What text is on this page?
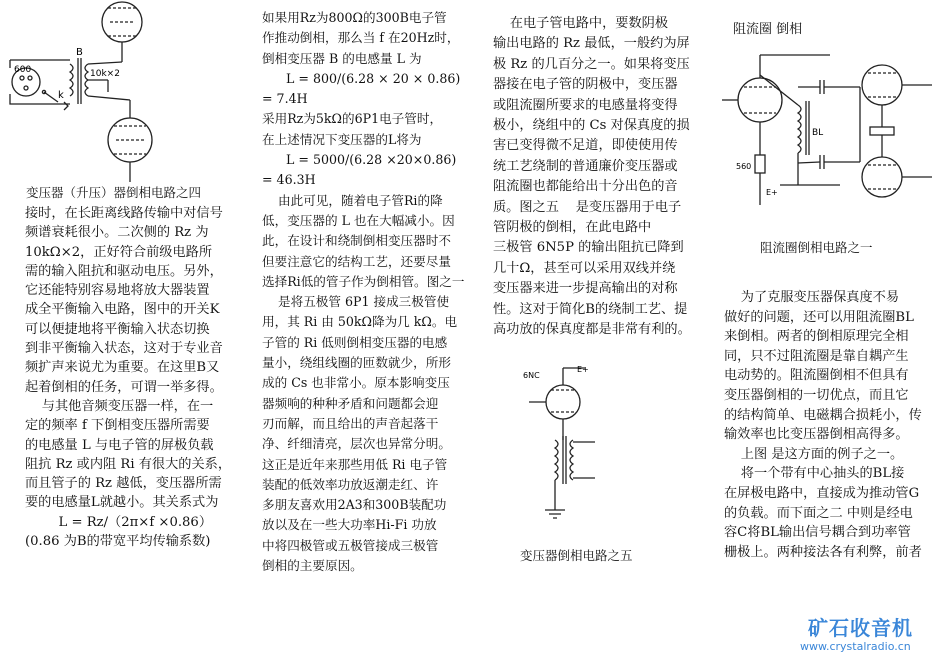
600
B
k
10k×2
变压器（升压）器倒相电路之四

接时，在长距离线路传输中对信号

频谱衰耗很小。二次侧的 Rz 为

10kΩ×2，正好符合前级电路所

需的输入阻抗和驱动电压。另外，

它还能特别容易地将放大器装置

成全平衡输入电路，图中的开关K

可以便捷地将平衡输入状态切换

到非平衡输入状态，这对于专业音

频扩声来说尤为重要。在这里B又

起着倒相的任务，可谓一举多得。

与其他音频变压器一样，在一

定的频率 f 下倒相变压器所需要

的电感量 L 与电子管的屏极负载

阻抗 Rz 或内阻 Ri 有很大的关系，

而且管子的 Rz 越低，变压器所需

要的电感量L就越小。其关系式为

L = Rz/（2π×f ×0.86）

(0.86 为B的带宽平均传输系数)

如果用Rz为800Ω的300B电子管

作推动倒相，那么当 f 在20Hz时，

倒相变压器 B 的电感量 L 为

L = 800/(6.28 × 20 × 0.86)

= 7.4H

采用Rz为5kΩ的6P1电子管时，

在上述情况下变压器的L将为

L = 5000/(6.28 ×20×0.86)

= 46.3H

由此可见，随着电子管Ri的降

低，变压器的 L 也在大幅减小。因

此，在设计和绕制倒相变压器时不

但要注意它的结构工艺，还要尽量

选择Ri低的管子作为倒相管。图之一

是将五极管 6P1 接成三极管使

用，其 Ri 由 50kΩ降为几 kΩ。电

子管的 Ri 低则倒相变压器的电感

量小，绕组线圈的匝数就少，所形

成的 Cs 也非常小。原本影响变压

器频响的种种矛盾和问题都会迎

刃而解，而且给出的声音起落干

净、纤细清亮，层次也异常分明。

这正是近年来那些用低 Ri 电子管

装配的低效率功放返潮走红、许

多朋友喜欢用2A3和300B装配功

放以及在一些大功率Hi-Fi 功放

中将四极管或五极管接成三极管

倒相的主要原因。

在电子管电路中，要数阴极

输出电路的 Rz 最低，一般约为屏

极 Rz 的几百分之一。如果将变压

器接在电子管的阴极中，变压器

或阻流圈所要求的电感量将变得

极小，绕组中的 Cs 对保真度的损

害已变得微不足道，即使使用传

统工艺绕制的普通廉价变压器或

阻流圈也都能给出十分出色的音

质。图之五    是变压器用于电子

管阴极的倒相，在此电路中

三极管 6N5P 的输出阻抗已降到

几十Ω，甚至可以采用双线并绕

变压器来进一步提高输出的对称

性。这对于简化B的绕制工艺、提

高功放的保真度都是非常有利的。

6NC
E+
变压器倒相电路之五
阻流圈 倒相
BL
560
E+
阻流圈倒相电路之一

为了克服变压器保真度不易

做好的问题，还可以用阻流圈BL

来倒相。两者的倒相原理完全相

同，只不过阻流圈是靠自耦产生

电动势的。阻流圈倒相不但具有

变压器倒相的一切优点，而且它

的结构简单、电磁耦合损耗小，传

输效率也比变压器倒相高得多。

上图 是这方面的例子之一。

将一个带有中心抽头的BL接

在屏极电路中，直接成为推动管G

的负载。而下面之二 中则是经电

容C将BL输出信号耦合到功率管

栅极上。两种接法各有利弊，前者

矿石收音机
www.crystalradio.cn
